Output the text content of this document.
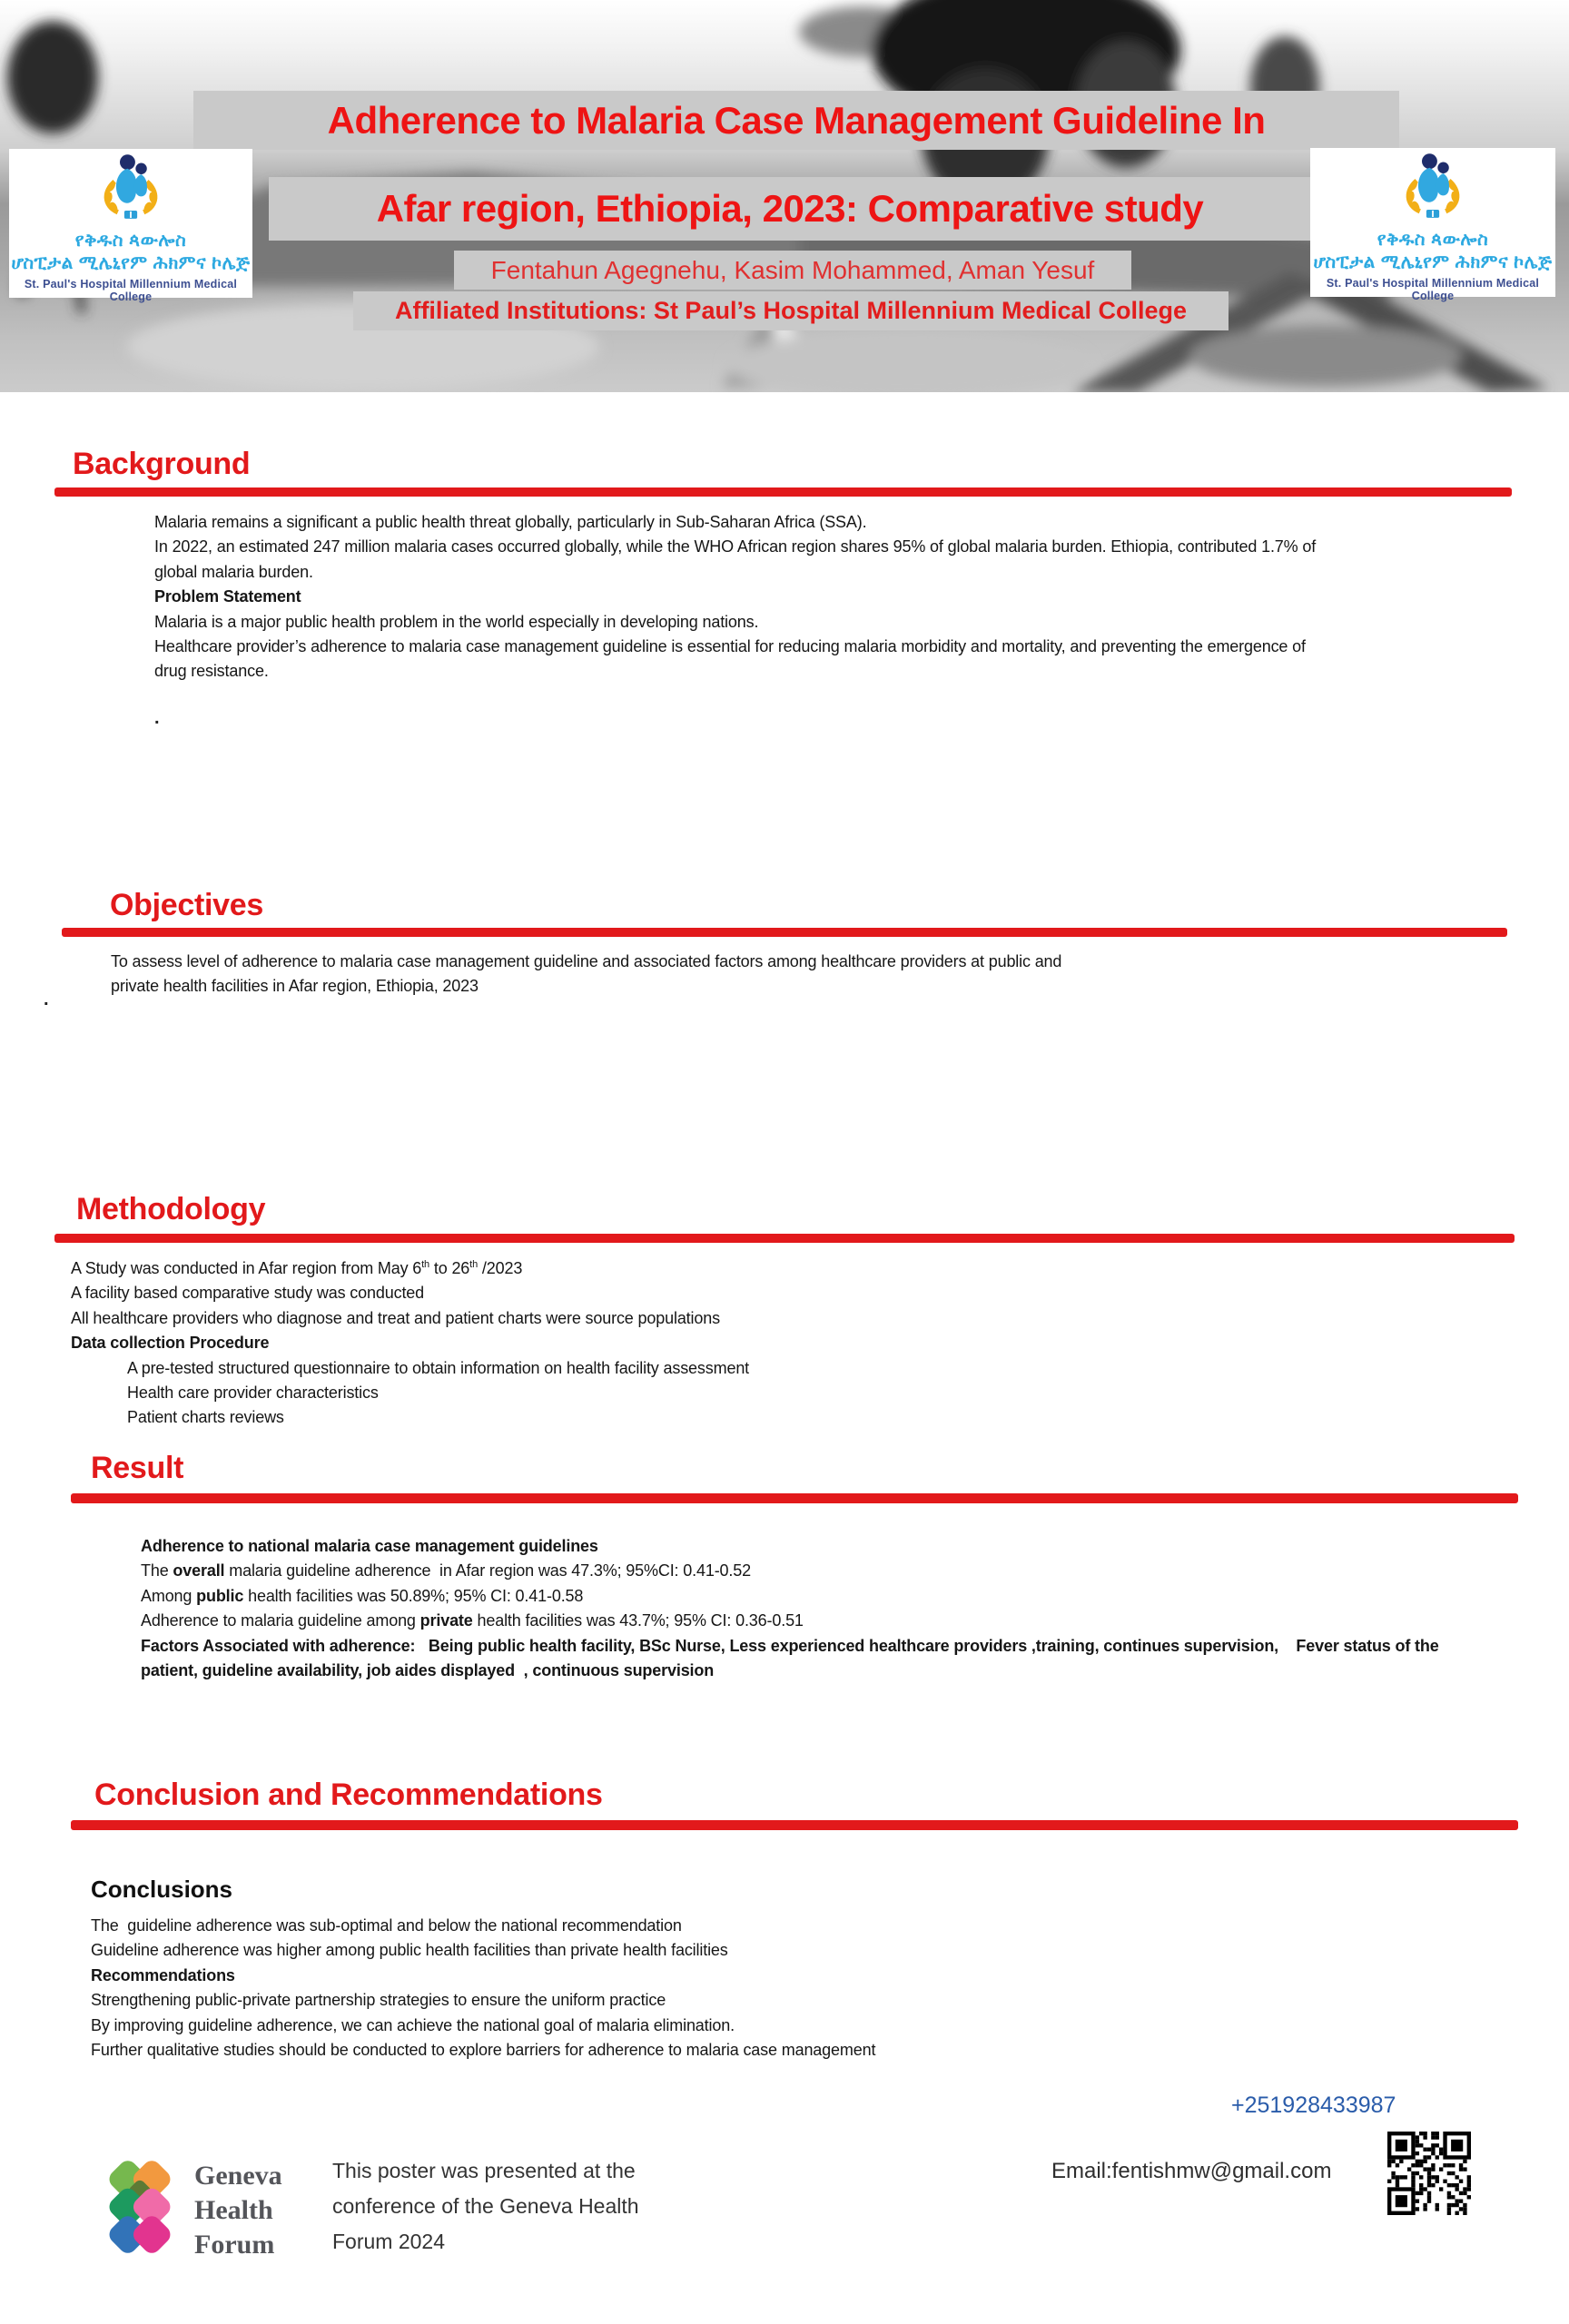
Adherence to Malaria Case Management Guideline In
Afar region, Ethiopia, 2023: Comparative study
Fentahun Agegnehu, Kasim Mohammed, Aman Yesuf
Affiliated Institutions: St Paul’s Hospital Millennium Medical College
የቅዱስ ጳውሎስ
ሆስፒታል ሚሌኒየም ሕክምና ኮሌጅ
St. Paul's Hospital Millennium Medical College
የቅዱስ ጳውሎስ
ሆስፒታል ሚሌኒየም ሕክምና ኮሌጅ
St. Paul's Hospital Millennium Medical College
Background
Malaria remains a significant a public health threat globally, particularly in Sub-Saharan Africa (SSA).
In 2022, an estimated 247 million malaria cases occurred globally, while the WHO African region shares 95% of global malaria burden. Ethiopia, contributed 1.7% of
global malaria burden.
Problem Statement
Malaria is a major public health problem in the world especially in developing nations.
Healthcare provider’s adherence to malaria case management guideline is essential for reducing malaria morbidity and mortality, and preventing the emergence of
drug resistance.
.
Objectives
To assess level of adherence to malaria case management guideline and associated factors among healthcare providers at public and
private health facilities in Afar region, Ethiopia, 2023
.
Methodology
A Study was conducted in Afar region from May 6th to 26th /2023
A facility based comparative study was conducted
All healthcare providers who diagnose and treat and patient charts were source populations
Data collection Procedure
A pre-tested structured questionnaire to obtain information on health facility assessment
Health care provider characteristics
Patient charts reviews
Result
Adherence to national malaria case management guidelines
The overall malaria guideline adherence  in Afar region was 47.3%; 95%CI: 0.41-0.52
Among public health facilities was 50.89%; 95% CI: 0.41-0.58
Adherence to malaria guideline among private health facilities was 43.7%; 95% CI: 0.36-0.51
Factors Associated with adherence:   Being public health facility, BSc Nurse, Less experienced healthcare providers ,training, continues supervision,    Fever status of the
patient, guideline availability, job aides displayed  , continuous supervision
Conclusion and Recommendations
Conclusions
The  guideline adherence was sub-optimal and below the national recommendation
Guideline adherence was higher among public health facilities than private health facilities
Recommendations
Strengthening public-private partnership strategies to ensure the uniform practice
By improving guideline adherence, we can achieve the national goal of malaria elimination.
Further qualitative studies should be conducted to explore barriers for adherence to malaria case management
Geneva
Health
Forum
This poster was presented at the
conference of the Geneva Health
Forum 2024
+251928433987
Email:fentishmw@gmail.com
